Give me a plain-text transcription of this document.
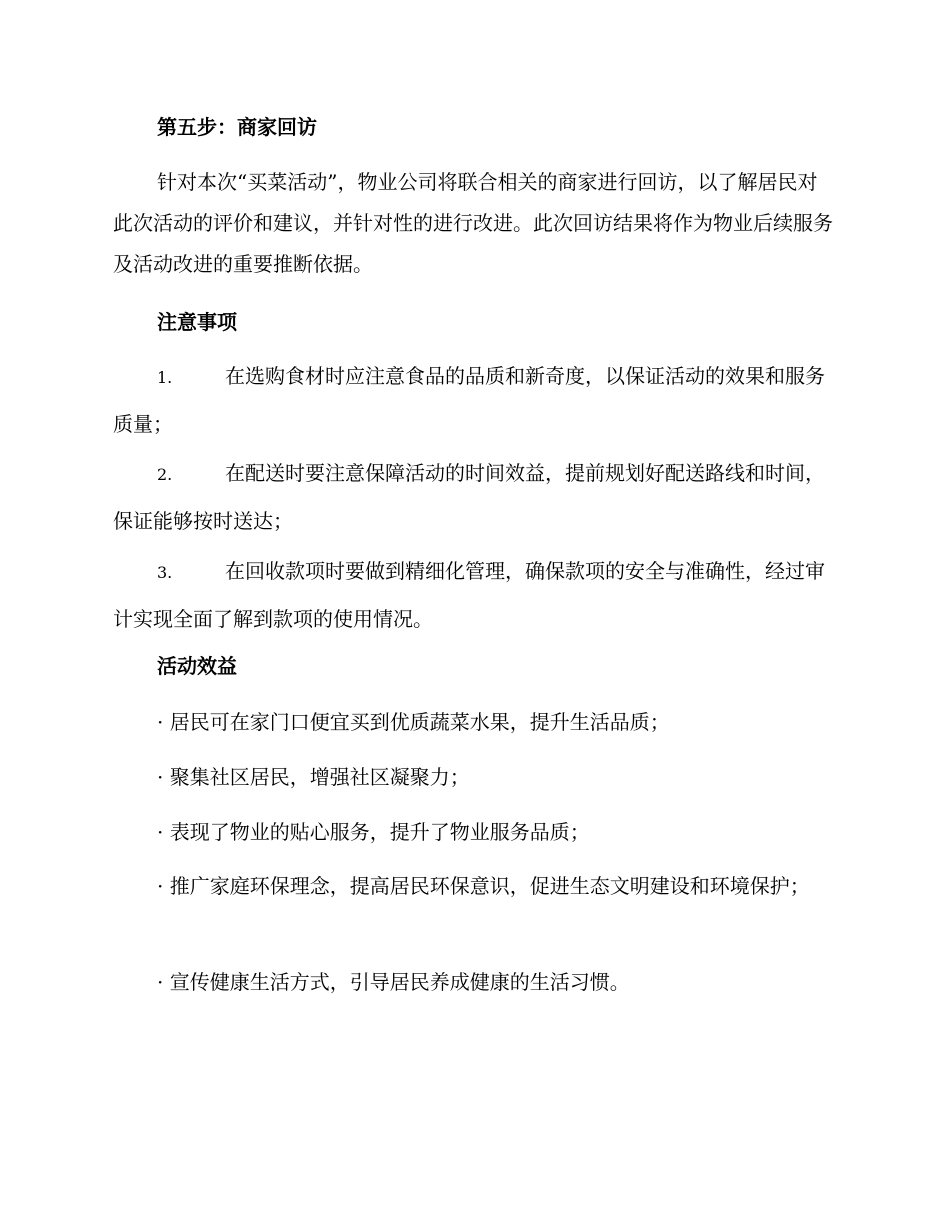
第五步：商家回访
针对本次“买菜活动”，物业公司将联合相关的商家进行回访，以了解居民对此次活动的评价和建议，并针对性的进行改进。此次回访结果将作为物业后续服务及活动改进的重要推断依据。
注意事项
1.	在选购食材时应注意食品的品质和新奇度，以保证活动的效果和服务质量；
2.	在配送时要注意保障活动的时间效益，提前规划好配送路线和时间，保证能够按时送达；
3.	在回收款项时要做到精细化管理，确保款项的安全与准确性，经过审计实现全面了解到款项的使用情况。
活动效益
· 居民可在家门口便宜买到优质蔬菜水果，提升生活品质；
· 聚集社区居民，增强社区凝聚力；
· 表现了物业的贴心服务，提升了物业服务品质；
· 推广家庭环保理念，提高居民环保意识，促进生态文明建设和环境保护；
· 宣传健康生活方式，引导居民养成健康的生活习惯。
